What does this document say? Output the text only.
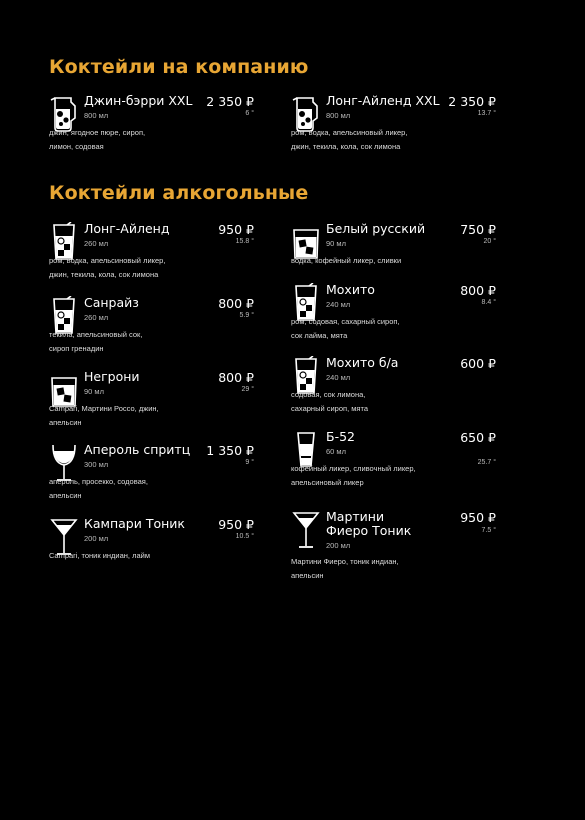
Коктейли на компанию
Коктейли алкогольные
Джин-бэрри XXL	2 350 ₽
800 мл	6 °
джин, ягодное пюре, сироп,
лимон, содовая
Лонг-Айленд XXL 2 350 ₽
800 мл	13.7 °
ром, водка, апельсиновый ликер,
джин, текила, кола, сок лимона
Лонг-Айленд	950 ₽
260 мл	15.8 °
ром, водка, апельсиновый ликер,
джин, текила, кола, сок лимона
Санрайз	800 ₽
260 мл	5.9 °
текила, апельсиновый сок,
сироп гренадин
Негрони	800 ₽
90 мл	29 °
Campari, Мартини Россо, джин,
апельсин
Апероль спритц	1 350 ₽
300 мл	9 °
апероль, просекко, содовая,
апельсин
Кампари Тоник	950 ₽
200 мл	10.5 °
Campari, тоник индиан, лайм
Белый русский	750 ₽
90 мл	20 °
водка, кофейный ликер, сливки
Мохито	800 ₽
240 мл	8.4 °
ром, содовая, сахарный сироп,
сок лайма, мята
Мохито б/а	600 ₽
240 мл
содовая, сок лимона,
сахарный сироп, мята
Б-52	650 ₽
60 мл
25.7 °
кофейный ликер, сливочный ликер,
апельсиновый ликер
Мартини Фиеро Тоник
950 ₽
200 мл
7.5 °
Мартини Фиеро, тоник индиан,
апельсин
